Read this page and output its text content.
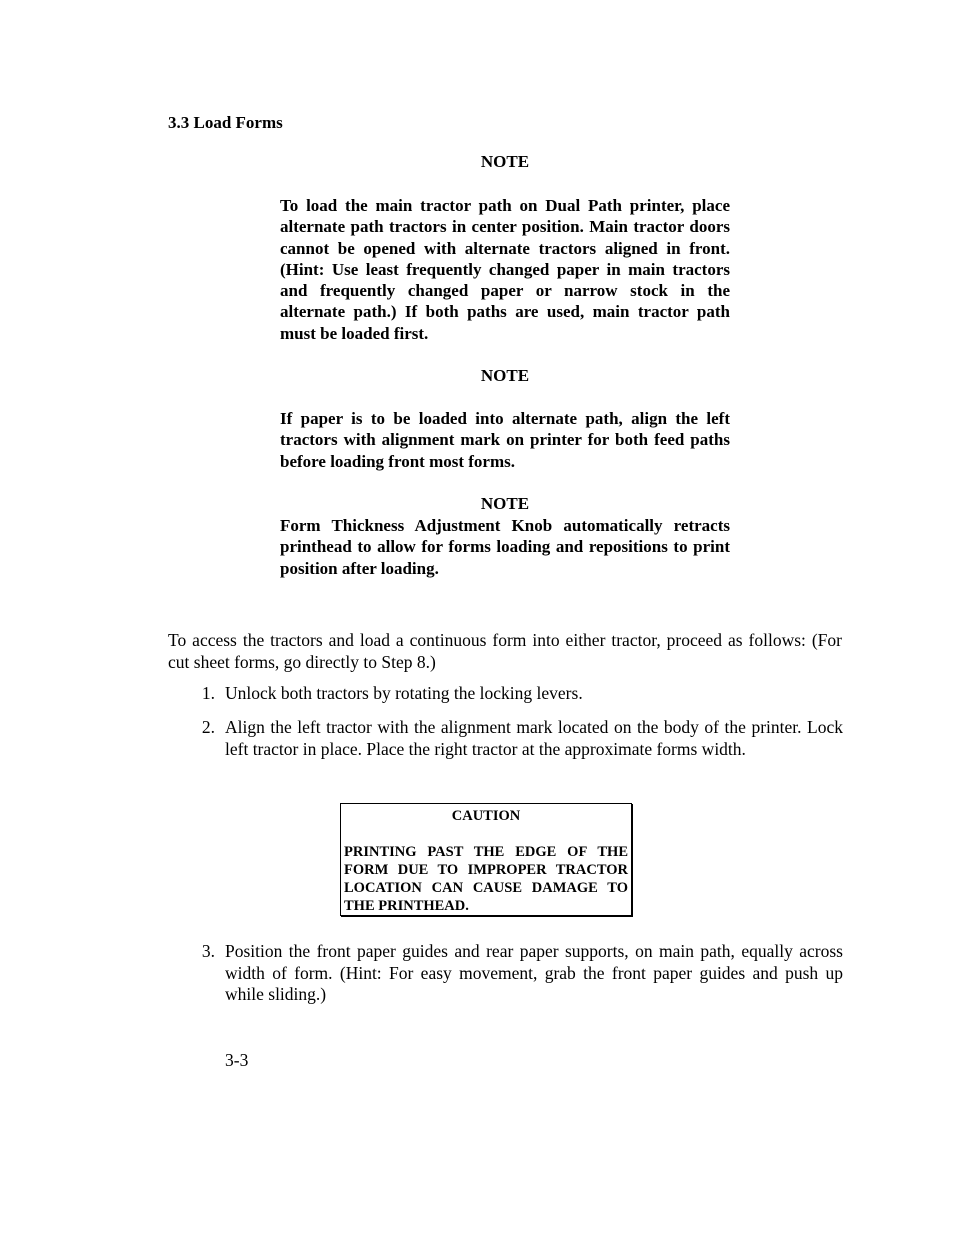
3.3 Load Forms
NOTE
To load the main tractor path on Dual Path printer, place alternate path tractors in center position. Main tractor doors cannot be opened with alternate tractors aligned in front. (Hint: Use least frequently changed paper in main tractors and frequently changed paper or narrow stock in the alternate path.) If both paths are used, main tractor path must be loaded first.
NOTE
If paper is to be loaded into alternate path, align the left tractors with alignment mark on printer for both feed paths before loading front most forms.
NOTE
Form Thickness Adjustment Knob automatically retracts printhead to allow for forms loading and repositions to print position after loading.
To access the tractors and load a continuous form into either tractor, proceed as follows: (For cut sheet forms, go directly to Step 8.)
1. Unlock both tractors by rotating the locking levers.
2. Align the left tractor with the alignment mark located on the body of the printer. Lock left tractor in place. Place the right tractor at the approximate forms width.
CAUTION
PRINTING PAST THE EDGE OF THE FORM DUE TO IMPROPER TRACTOR LOCATION CAN CAUSE DAMAGE TO THE PRINTHEAD.
3. Position the front paper guides and rear paper supports, on main path, equally across width of form. (Hint: For easy movement, grab the front paper guides and push up while sliding.)
3-3
